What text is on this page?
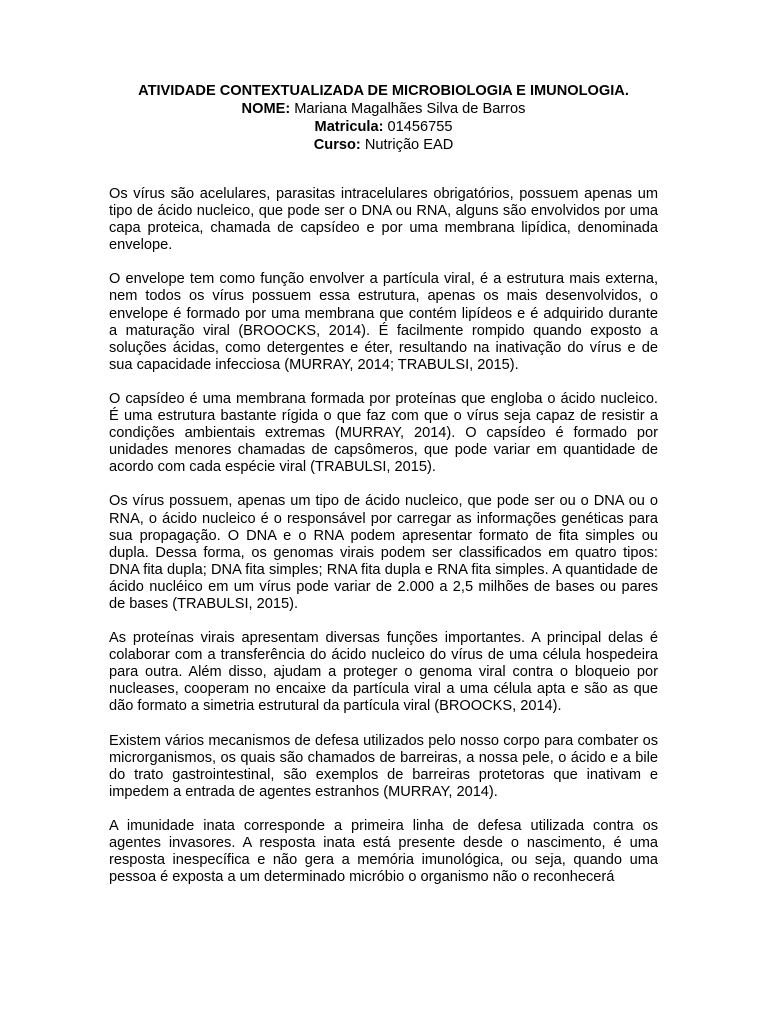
ATIVIDADE CONTEXTUALIZADA DE MICROBIOLOGIA E IMUNOLOGIA.
NOME: Mariana Magalhães Silva de Barros
Matricula: 01456755
Curso: Nutrição EAD

Os vírus são acelulares, parasitas intracelulares obrigatórios, possuem apenas um tipo de ácido nucleico, que pode ser o DNA ou RNA, alguns são envolvidos por uma capa proteica, chamada de capsídeo e por uma membrana lipídica, denominada envelope.

O envelope tem como função envolver a partícula viral, é a estrutura mais externa, nem todos os vírus possuem essa estrutura, apenas os mais desenvolvidos, o envelope é formado por uma membrana que contém lipídeos e é adquirido durante a maturação viral (BROOCKS, 2014). É facilmente rompido quando exposto a soluções ácidas, como detergentes e éter, resultando na inativação do vírus e de sua capacidade infecciosa (MURRAY, 2014; TRABULSI, 2015).

O capsídeo é uma membrana formada por proteínas que engloba o ácido nucleico. É uma estrutura bastante rígida o que faz com que o vírus seja capaz de resistir a condições ambientais extremas (MURRAY, 2014). O capsídeo é formado por unidades menores chamadas de capsômeros, que pode variar em quantidade de acordo com cada espécie viral (TRABULSI, 2015).

Os vírus possuem, apenas um tipo de ácido nucleico, que pode ser ou o DNA ou o RNA, o ácido nucleico é o responsável por carregar as informações genéticas para sua propagação. O DNA e o RNA podem apresentar formato de fita simples ou dupla. Dessa forma, os genomas virais podem ser classificados em quatro tipos: DNA fita dupla; DNA fita simples; RNA fita dupla e RNA fita simples. A quantidade de ácido nucléico em um vírus pode variar de 2.000 a 2,5 milhões de bases ou pares de bases (TRABULSI, 2015).

As proteínas virais apresentam diversas funções importantes. A principal delas é colaborar com a transferência do ácido nucleico do vírus de uma célula hospedeira para outra. Além disso, ajudam a proteger o genoma viral contra o bloqueio por nucleases, cooperam no encaixe da partícula viral a uma célula apta e são as que dão formato a simetria estrutural da partícula viral (BROOCKS, 2014).

Existem vários mecanismos de defesa utilizados pelo nosso corpo para combater os microrganismos, os quais são chamados de barreiras, a nossa pele, o ácido e a bile do trato gastrointestinal, são exemplos de barreiras protetoras que inativam e impedem a entrada de agentes estranhos (MURRAY, 2014).

A imunidade inata corresponde a primeira linha de defesa utilizada contra os agentes invasores. A resposta inata está presente desde o nascimento, é uma resposta inespecífica e não gera a memória imunológica, ou seja, quando uma pessoa é exposta a um determinado micróbio o organismo não o reconhecerá
